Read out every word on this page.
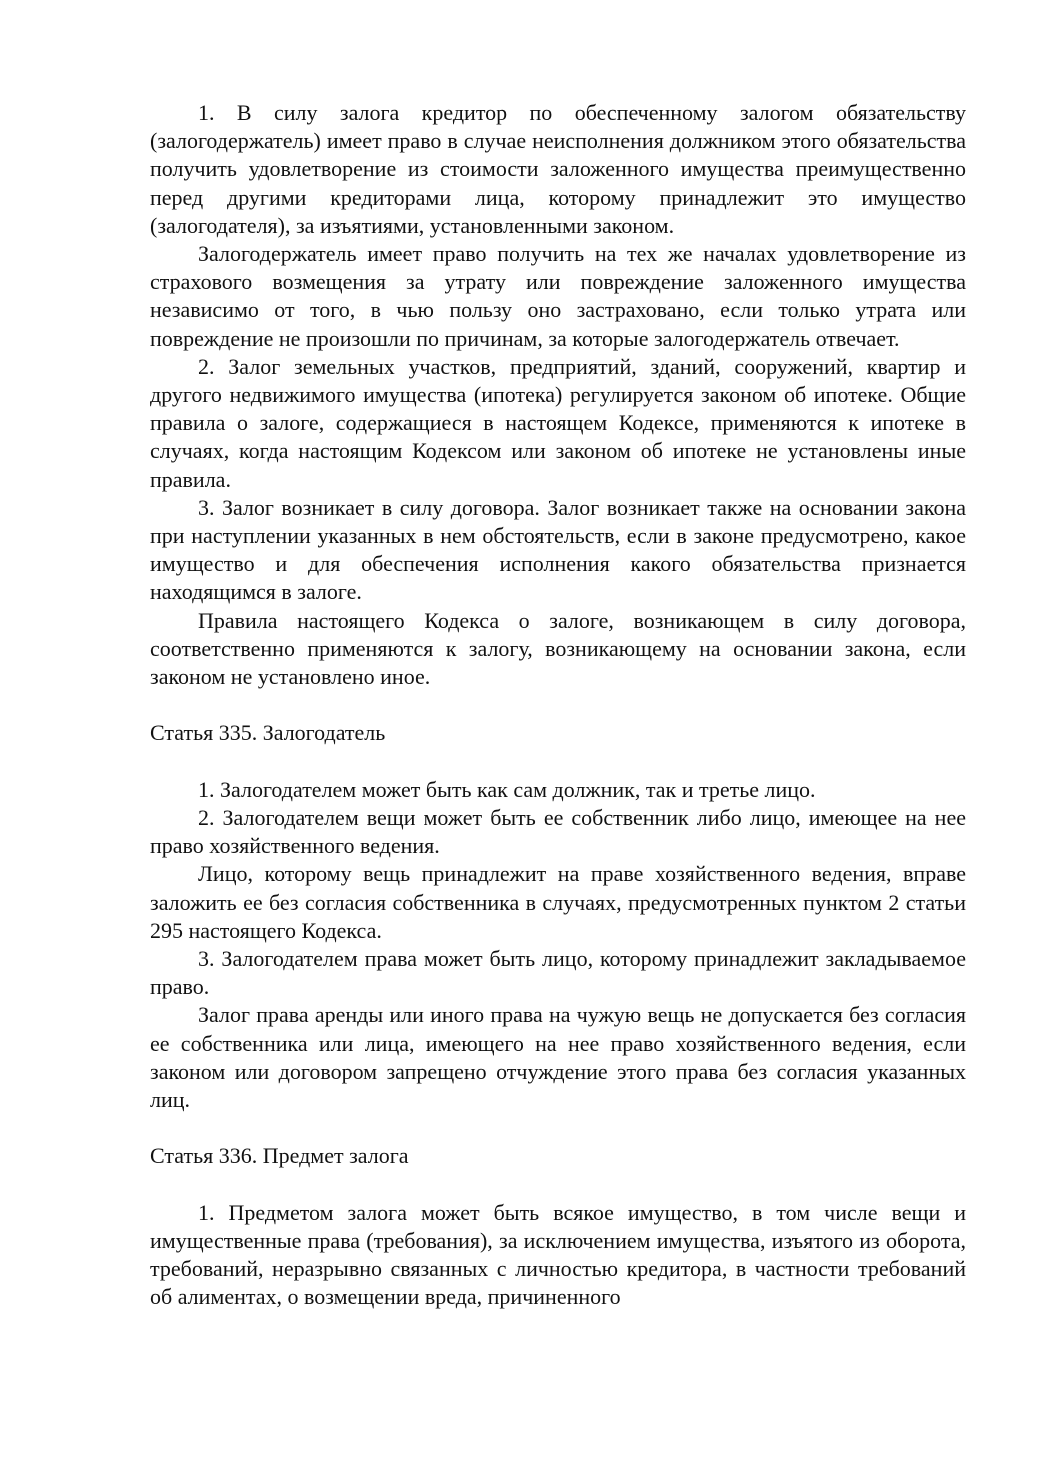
1. В силу залога кредитор по обеспеченному залогом обязательству (залогодержатель) имеет право в случае неисполнения должником этого обязательства получить удовлетворение из стоимости заложенного имущества преимущественно перед другими кредиторами лица, которому принадлежит это имущество (залогодателя), за изъятиями, установленными законом.

Залогодержатель имеет право получить на тех же началах удовлетворение из страхового возмещения за утрату или повреждение заложенного имущества независимо от того, в чью пользу оно застраховано, если только утрата или повреждение не произошли по причинам, за которые залогодержатель отвечает.

2. Залог земельных участков, предприятий, зданий, сооружений, квартир и другого недвижимого имущества (ипотека) регулируется законом об ипотеке. Общие правила о залоге, содержащиеся в настоящем Кодексе, применяются к ипотеке в случаях, когда настоящим Кодексом или законом об ипотеке не установлены иные правила.

3. Залог возникает в силу договора. Залог возникает также на основании закона при наступлении указанных в нем обстоятельств, если в законе предусмотрено, какое имущество и для обеспечения исполнения какого обязательства признается находящимся в залоге.

Правила настоящего Кодекса о залоге, возникающем в силу договора, соответственно применяются к залогу, возникающему на основании закона, если законом не установлено иное.

Статья 335. Залогодатель

1. Залогодателем может быть как сам должник, так и третье лицо.

2. Залогодателем вещи может быть ее собственник либо лицо, имеющее на нее право хозяйственного ведения.

Лицо, которому вещь принадлежит на праве хозяйственного ведения, вправе заложить ее без согласия собственника в случаях, предусмотренных пунктом 2 статьи 295 настоящего Кодекса.

3. Залогодателем права может быть лицо, которому принадлежит закладываемое право.

Залог права аренды или иного права на чужую вещь не допускается без согласия ее собственника или лица, имеющего на нее право хозяйственного ведения, если законом или договором запрещено отчуждение этого права без согласия указанных лиц.

Статья 336. Предмет залога

1. Предметом залога может быть всякое имущество, в том числе вещи и имущественные права (требования), за исключением имущества, изъятого из оборота, требований, неразрывно связанных с личностью кредитора, в частности требований об алиментах, о возмещении вреда, причиненного
